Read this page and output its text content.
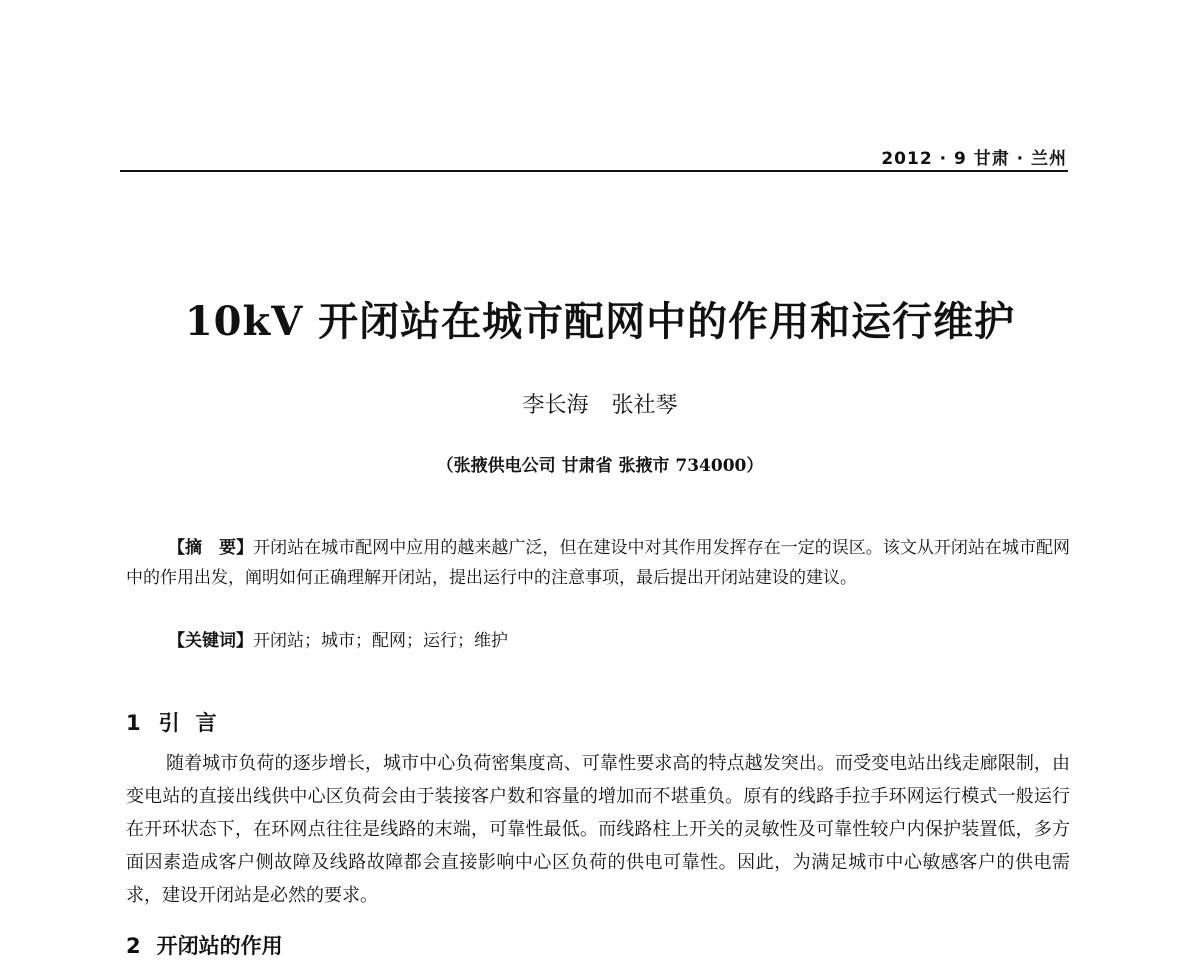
2012 · 9 甘肃 · 兰州
10kV 开闭站在城市配网中的作用和运行维护
李长海 张社琴
（张掖供电公司 甘肃省 张掖市 734000）

【摘　要】开闭站在城市配网中应用的越来越广泛，但在建设中对其作用发挥存在一定的误区。该文从开闭站在城市配网中的作用出发，阐明如何正确理解开闭站，提出运行中的注意事项，最后提出开闭站建设的建议。

【关键词】开闭站；城市；配网；运行；维护
1 引言

随着城市负荷的逐步增长，城市中心负荷密集度高、可靠性要求高的特点越发突出。而受变电站出线走廊限制，由变电站的直接出线供中心区负荷会由于装接客户数和容量的增加而不堪重负。原有的线路手拉手环网运行模式一般运行在开环状态下，在环网点往往是线路的末端，可靠性最低。而线路柱上开关的灵敏性及可靠性较户内保护装置低，多方面因素造成客户侧故障及线路故障都会直接影响中心区负荷的供电可靠性。因此，为满足城市中心敏感客户的供电需求，建设开闭站是必然的要求。

2 开闭站的作用
